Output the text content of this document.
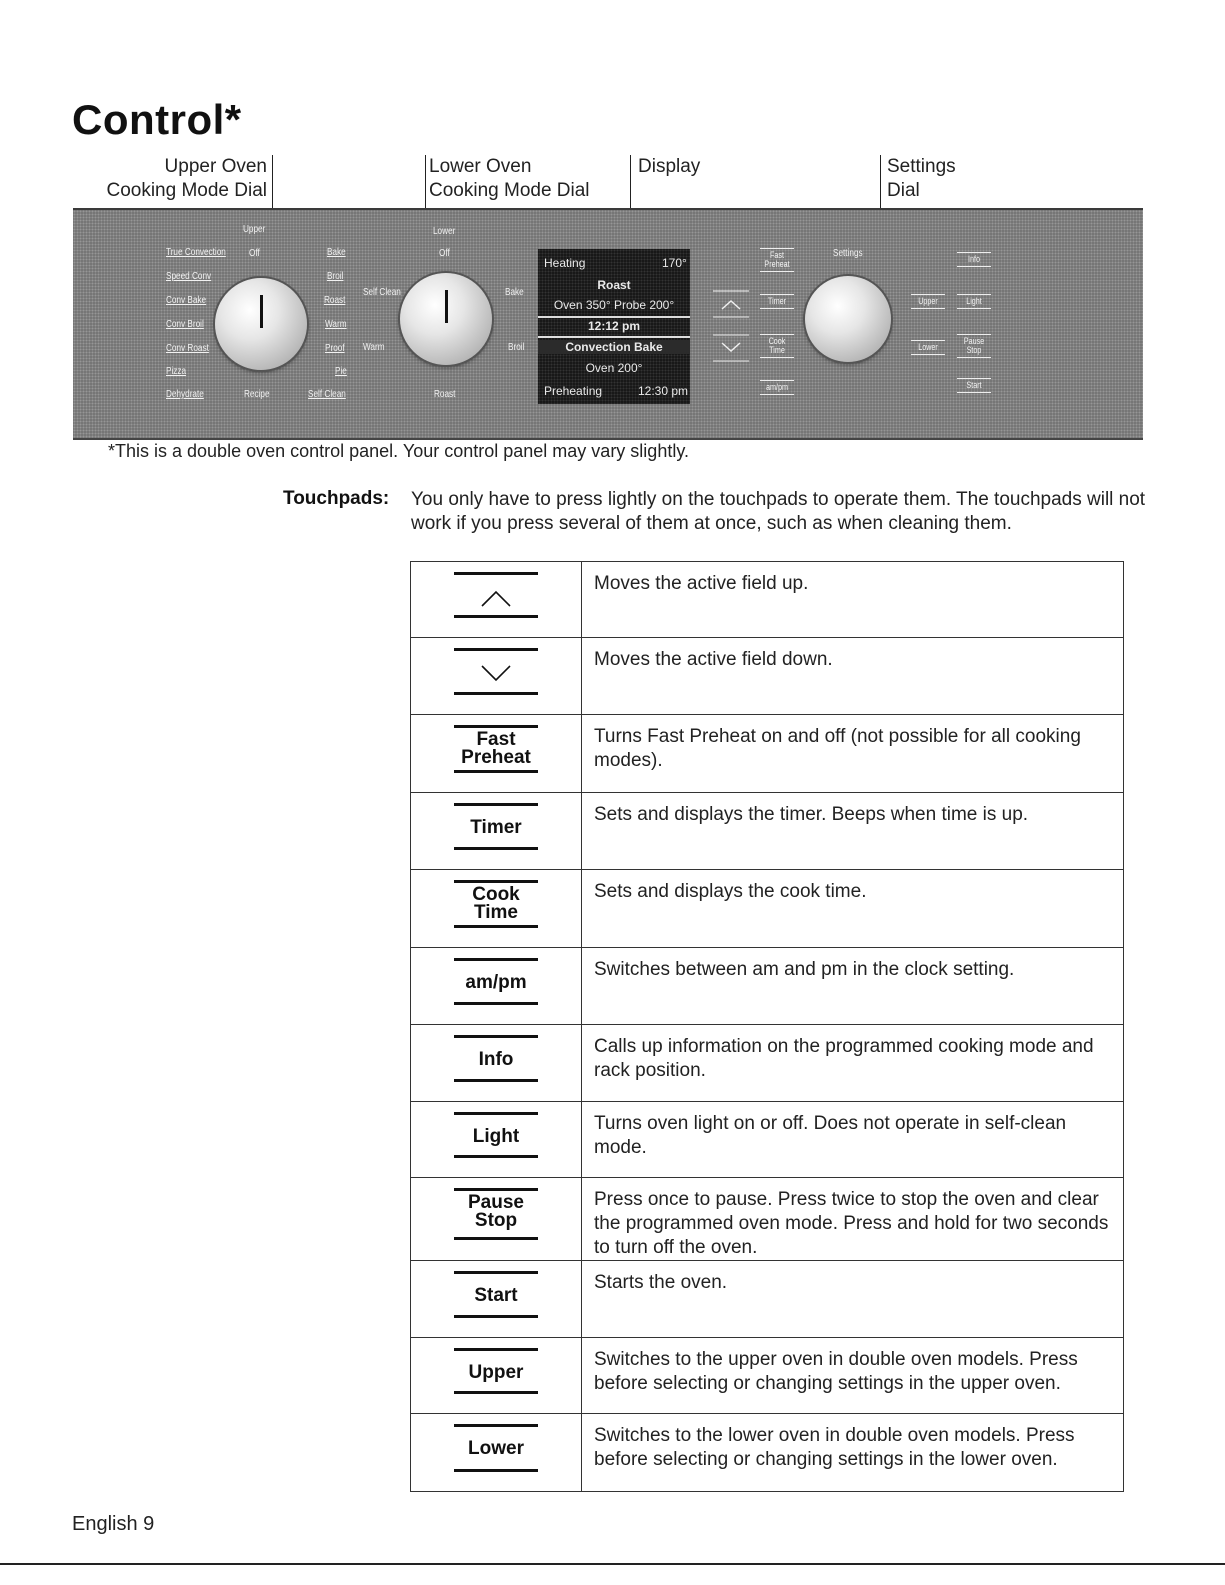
Control*
Upper Oven
Cooking Mode Dial
Lower Oven
Cooking Mode Dial
Display	Settings
Dial
Upper
Off
True Convection
Speed Conv
Conv Bake
Conv Broil
Conv Roast
Pizza
Dehydrate
Bake
Broil
Roast
Warm
Proof
Pie
Self Clean
Recipe
Lower
Off
Self Clean
Warm
Bake
Broil
Roast
Heating	170°
Roast
Oven 350° Probe 200°
12:12 pm
Convection Bake
Oven 200°
Preheating	12:30 pm
Fast Preheat
Timer
Cook Time
am/pm
Settings
Upper
Lower
Info
Light
Pause Stop
Start
*This is a double oven control panel. Your control panel may vary slightly.
Touchpads: You only have to press lightly on the touchpads to operate them. The touchpads will not work if you press several of them at once, such as when cleaning them.
	Moves the active field up.

	Moves the active field down.

Fast
Preheat	Turns Fast Preheat on and off (not possible for all cooking modes).

Timer	Sets and displays the timer. Beeps when time is up.

Cook
Time	Sets and displays the cook time.

am/pm	Switches between am and pm in the clock setting.

Info	Calls up information on the programmed cooking mode and rack position.

Light	Turns oven light on or off. Does not operate in self-clean mode.

Pause
Stop	Press once to pause. Press twice to stop the oven and clear the programmed oven mode. Press and hold for two seconds to turn off the oven.

Start	Starts the oven.

Upper	Switches to the upper oven in double oven models. Press before selecting or changing settings in the upper oven.

Lower	Switches to the lower oven in double oven models. Press before selecting or changing settings in the lower oven.
English 9
